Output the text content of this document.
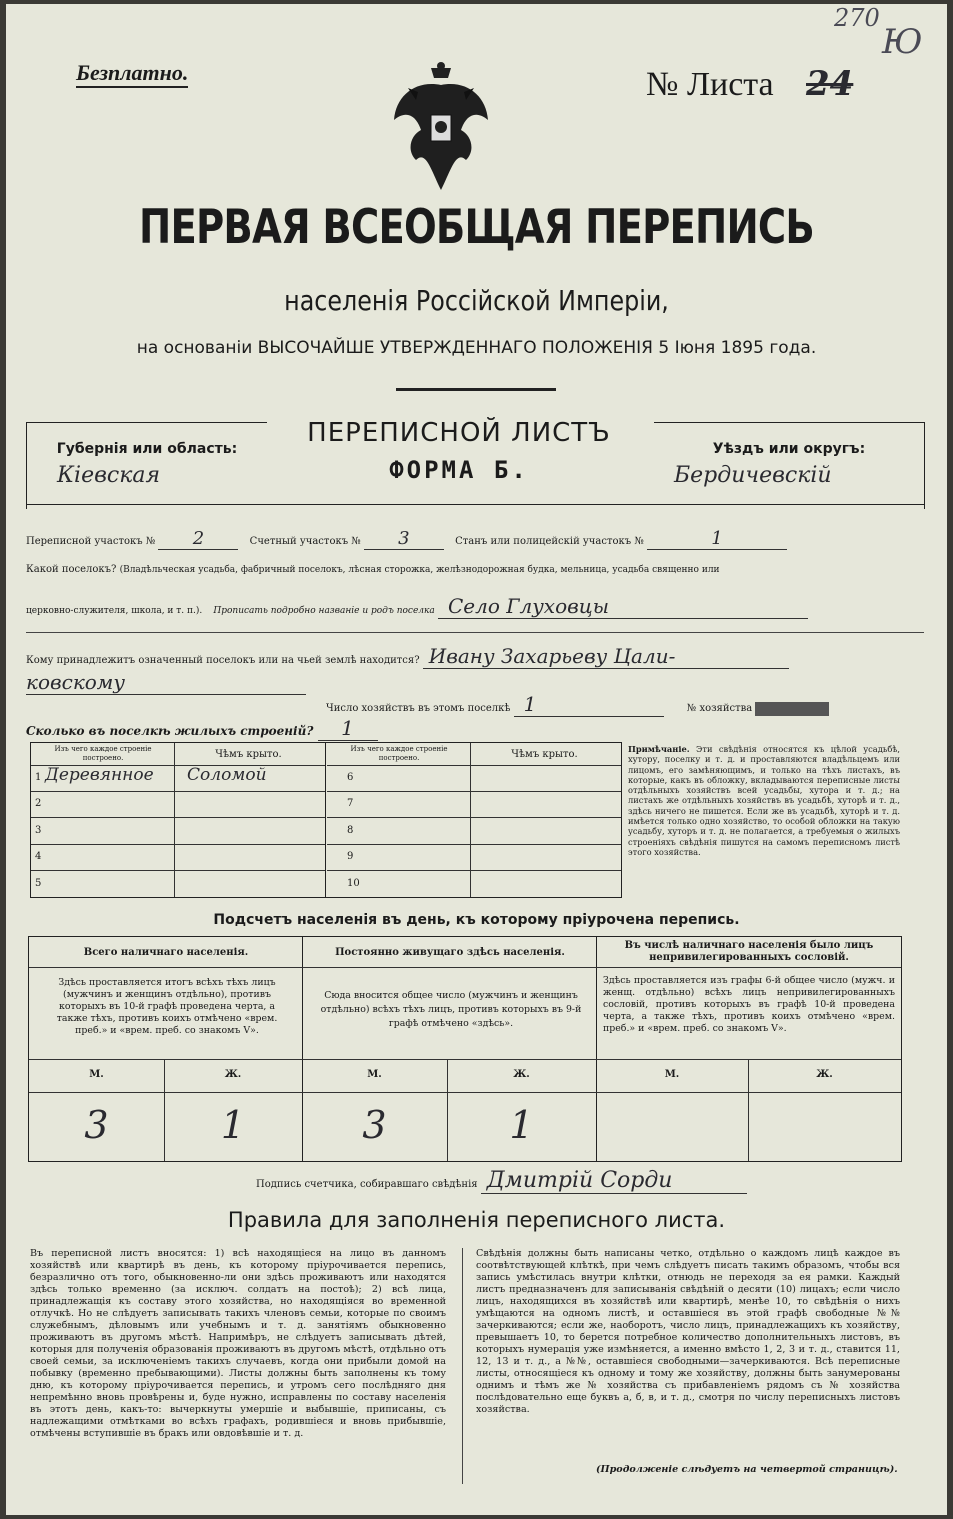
270
Ю
Безплатно.	№ Листа 24
ПЕРВАЯ ВСЕОБЩАЯ ПЕРЕПИСЬ
населенія Россійской Имперіи,
на основаніи ВЫСОЧАЙШЕ УТВЕРЖДЕННАГО ПОЛОЖЕНІЯ 5 Іюня 1895 года.
Губернія или область:
Кіевская
ПЕРЕПИСНОЙ ЛИСТЪ
ФОРМА Б.
Уѣздъ или округъ:
Бердичевскій
Переписной участокъ № 2	Счетный участокъ № 3	Станъ или полицейскій участокъ №	1
Какой поселокъ? (Владѣльческая усадьба, фабричный поселокъ, лѣсная сторожка, желѣзнодорожная будка, мельница, усадьба священно или
церковно-служителя, школа, и т. п.). Прописать подробно названіе и родъ поселка Село Глуховцы
Кому принадлежитъ означенный поселокъ или на чьей землѣ находится? Ивану Захарьеву Цали-
ковскому
Число хозяйствъ въ этомъ поселкѣ 1	№ хозяйства
Сколько въ поселкѣ жилыхъ строеній? 1
Изъ чего каждое строеніе построено.	Чѣмъ крыто.
1 Деревянное Соломой
2
3
4
5
Изъ чего каждое строеніе построено.	Чѣмъ крыто.
6
7
8
9
10
Примѣчаніе. Эти свѣдѣнія относятся къ цѣлой усадьбѣ, хутору, поселку и т. д. и проставляются владѣльцемъ или лицомъ, его замѣняющимъ, и только на тѣхъ листахъ, въ которые, какъ въ обложку, вкладываются переписные листы отдѣльныхъ хозяйствъ всей усадьбы, хутора и т. д.; на листахъ же отдѣльныхъ хозяйствъ въ усадьбѣ, хуторѣ и т. д., здѣсь ничего не пишется. Если же въ усадьбѣ, хуторѣ и т. д. имѣется только одно хозяйство, то особой обложки на такую усадьбу, хуторъ и т. д. не полагается, а требуемыя о жилыхъ строеніяхъ свѣдѣнія пишутся на самомъ переписномъ листѣ этого хозяйства.
Подсчетъ населенія въ день, къ которому пріурочена перепись.
Всего наличнаго населенія.
Здѣсь проставляется итогъ всѣхъ тѣхъ лицъ (мужчинъ и женщинъ отдѣльно), противъ которыхъ въ 10-й графѣ проведена черта, а также тѣхъ, противъ коихъ отмѣчено «врем. преб.» и «врем. преб. со знакомъ V».
Постоянно живущаго здѣсь населенія.
Сюда вносится общее число (мужчинъ и женщинъ отдѣльно) всѣхъ тѣхъ лицъ, противъ которыхъ въ 9-й графѣ отмѣчено «здѣсь».
Въ числѣ наличнаго населенія было лицъ непривилегированныхъ сословій.
Здѣсь проставляется изъ графы 6-й общее число (мужч. и женщ. отдѣльно) всѣхъ лицъ непривилегированныхъ сословій, противъ которыхъ въ графѣ 10-й проведена черта, а также тѣхъ, противъ коихъ отмѣчено «врем. преб.» и «врем. преб. со знакомъ V».
М.	Ж.	М.	Ж.	М.	Ж.
3	1	3	1
Подпись счетчика, собиравшаго свѣдѣнія Дмитрій Сорди
Правила для заполненія переписного листа.
Въ переписной листъ вносятся: 1) всѣ находящіеся на лицо въ данномъ хозяйствѣ или квартирѣ въ день, къ которому пріурочивается перепись, безразлично отъ того, обыкновенно-ли они здѣсь проживаютъ или находятся здѣсь только временно (за исключ. солдатъ на постоѣ); 2) всѣ лица, принадлежащія къ составу этого хозяйства, но находящіяся во временной отлучкѣ. Но не слѣдуетъ записывать такихъ членовъ семьи, которые по своимъ служебнымъ, дѣловымъ или учебнымъ и т. д. занятіямъ обыкновенно проживаютъ въ другомъ мѣстѣ. Напримѣръ, не слѣдуетъ записывать дѣтей, которыя для полученія образованія проживаютъ въ другомъ мѣстѣ, отдѣльно отъ своей семьи, за исключеніемъ такихъ случаевъ, когда они прибыли домой на побывку (временно пребывающими). Листы должны быть заполнены къ тому дню, къ которому пріурочивается перепись, и утромъ сего послѣдняго дня непремѣнно вновь провѣрены и, буде нужно, исправлены по составу населенія въ этотъ день, какъ-то: вычеркнуты умершіе и выбывшіе, приписаны, съ надлежащими отмѣтками во всѣхъ графахъ, родившіеся и вновь прибывшіе, отмѣчены вступившіе въ бракъ или овдовѣвшіе и т. д.
Свѣдѣнія должны быть написаны четко, отдѣльно о каждомъ лицѣ каждое въ соотвѣтствующей клѣткѣ, при чемъ слѣдуетъ писать такимъ образомъ, чтобы вся запись умѣстилась внутри клѣтки, отнюдь не переходя за ея рамки. Каждый листъ предназначенъ для записыванія свѣдѣній о десяти (10) лицахъ; если число лицъ, находящихся въ хозяйствѣ или квартирѣ, менѣе 10, то свѣдѣнія о нихъ умѣщаются на одномъ листѣ, и оставшіеся въ этой графѣ свободные №№ зачеркиваются; если же, наоборотъ, число лицъ, принадлежащихъ къ хозяйству, превышаетъ 10, то берется потребное количество дополнительныхъ листовъ, въ которыхъ нумерація уже измѣняется, а именно вмѣсто 1, 2, 3 и т. д., ставится 11, 12, 13 и т. д., а №№, оставшіеся свободными—зачеркиваются. Всѣ переписные листы, относящіеся къ одному и тому же хозяйству, должны быть занумерованы однимъ и тѣмъ же № хозяйства съ прибавленіемъ рядомъ съ № хозяйства послѣдовательно еще буквъ а, б, в, и т. д., смотря по числу переписныхъ листовъ хозяйства.
(Продолженіе слѣдуетъ на четвертой страницѣ).
